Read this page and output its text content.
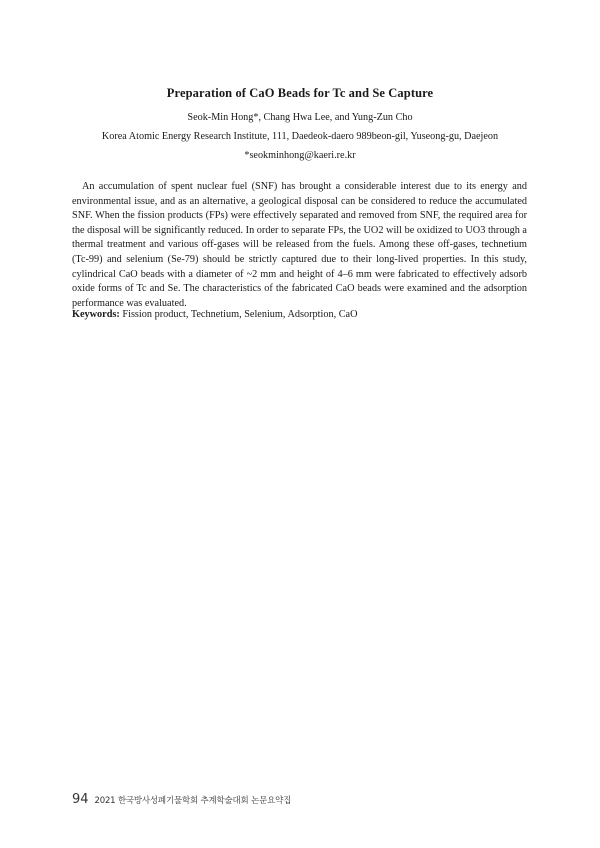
Preparation of CaO Beads for Tc and Se Capture
Seok-Min Hong*, Chang Hwa Lee, and Yung-Zun Cho
Korea Atomic Energy Research Institute, 111, Daedeok-daero 989beon-gil, Yuseong-gu, Daejeon
*seokminhong@kaeri.re.kr

An accumulation of spent nuclear fuel (SNF) has brought a considerable interest due to its energy and environmental issue, and as an alternative, a geological disposal can be considered to reduce the accumulated SNF. When the fission products (FPs) were effectively separated and removed from SNF, the required area for the disposal will be significantly reduced. In order to separate FPs, the UO2 will be oxidized to UO3 through a thermal treatment and various off-gases will be released from the fuels. Among these off-gases, technetium (Tc-99) and selenium (Se-79) should be strictly captured due to their long-lived properties. In this study, cylindrical CaO beads with a diameter of ~2 mm and height of 4–6 mm were fabricated to effectively adsorb oxide forms of Tc and Se. The characteristics of the fabricated CaO beads were examined and the adsorption performance was evaluated.

Keywords: Fission product, Technetium, Selenium, Adsorption, CaO

94 2021 한국방사성폐기물학회 추계학술대회 논문요약집
